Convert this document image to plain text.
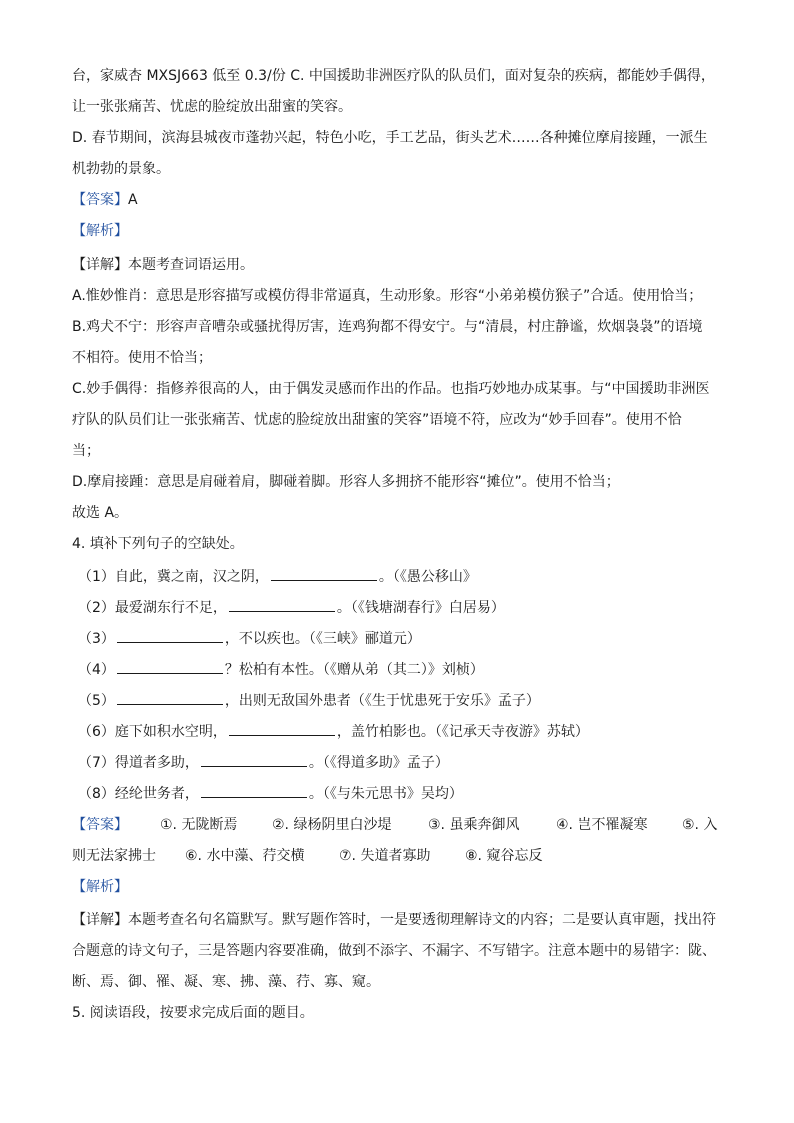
台，家威杏 MXSJ663 低至 0.3/份 C. 中国援助非洲医疗队的队员们，面对复杂的疾病，都能妙手偶得，
让一张张痛苦、忧虑的脸绽放出甜蜜的笑容。
D. 春节期间，滨海县城夜市蓬勃兴起，特色小吃，手工艺品，街头艺术……各种摊位摩肩接踵，一派生
机勃勃的景象。
【答案】A
【解析】
【详解】本题考查词语运用。
A.惟妙惟肖：意思是形容描写或模仿得非常逼真，生动形象。形容“小弟弟模仿猴子”合适。使用恰当；
B.鸡犬不宁：形容声音嘈杂或骚扰得厉害，连鸡狗都不得安宁。与“清晨，村庄静谧，炊烟袅袅”的语境
不相符。使用不恰当；
C.妙手偶得：指修养很高的人，由于偶发灵感而作出的作品。也指巧妙地办成某事。与“中国援助非洲医
疗队的队员们让一张张痛苦、忧虑的脸绽放出甜蜜的笑容”语境不符，应改为“妙手回春”。使用不恰
当；
D.摩肩接踵：意思是肩碰着肩，脚碰着脚。形容人多拥挤不能形容“摊位”。使用不恰当；
故选 A。
4. 填补下列句子的空缺处。
（1）自此，冀之南，汉之阴，	。（《愚公移山》
（2）最爱湖东行不足，	。（《钱塘湖春行》白居易）
（3）	，不以疾也。（《三峡》郦道元）
（4）	？松柏有本性。（《赠从弟（其二）》刘桢）
（5）	，出则无敌国外患者（《生于忧患死于安乐》孟子）
（6）庭下如积水空明，	，盖竹柏影也。（《记承天寺夜游》苏轼）
（7）得道者多助，	。（《得道多助》孟子）
（8）经纶世务者，	。（《与朱元思书》吴均）
【答案】 ①. 无陇断焉 ②. 绿杨阴里白沙堤	③. 虽乘奔御风	④. 岂不罹凝寒 ⑤. 入
则无法家拂士 ⑥. 水中藻、荇交横 ⑦. 失道者寡助 ⑧. 窥谷忘反
【解析】
【详解】本题考查名句名篇默写。默写题作答时，一是要透彻理解诗文的内容；二是要认真审题，找出符
合题意的诗文句子，三是答题内容要准确，做到不添字、不漏字、不写错字。注意本题中的易错字：陇、
断、焉、御、罹、凝、寒、拂、藻、荇、寡、窥。
5. 阅读语段，按要求完成后面的题目。
